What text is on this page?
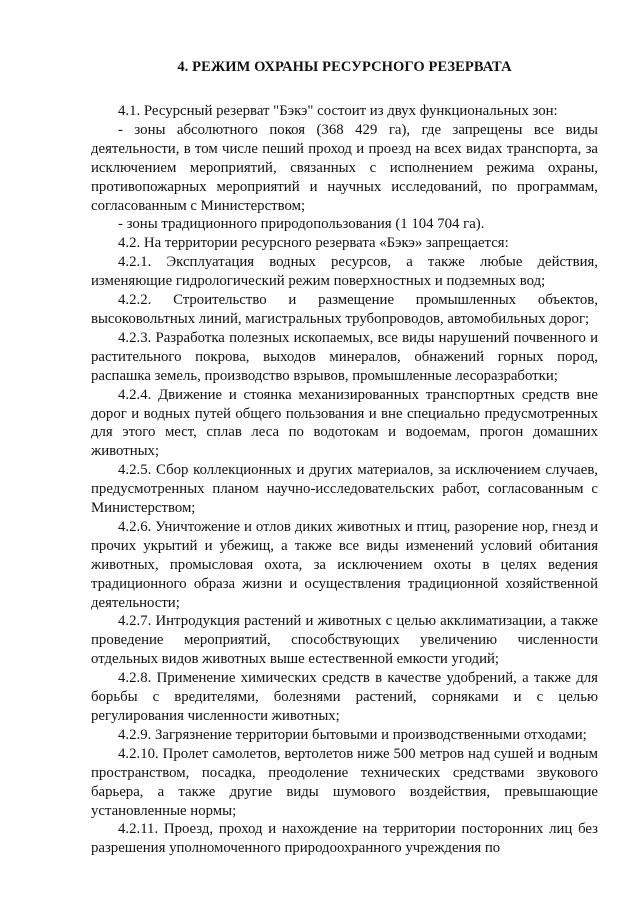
4. РЕЖИМ ОХРАНЫ РЕСУРСНОГО РЕЗЕРВАТА

4.1. Ресурсный резерват "Бэкэ" состоит из двух функциональных зон:

- зоны абсолютного покоя (368 429 га), где запрещены все виды деятельности, в том числе пеший проход и проезд на всех видах транспорта, за исключением мероприятий, связанных с исполнением режима охраны, противопожарных мероприятий и научных исследований, по программам, согласованным с Министерством;

- зоны традиционного природопользования (1 104 704 га).

4.2. На территории ресурсного резервата «Бэкэ» запрещается:

4.2.1. Эксплуатация водных ресурсов, а также любые действия, изменяющие гидрологический режим поверхностных и подземных вод;

4.2.2. Строительство и размещение промышленных объектов, высоковольтных линий, магистральных трубопроводов, автомобильных дорог;

4.2.3. Разработка полезных ископаемых, все виды нарушений почвенного и растительного покрова, выходов минералов, обнажений горных пород, распашка земель, производство взрывов, промышленные лесоразработки;

4.2.4. Движение и стоянка механизированных транспортных средств вне дорог и водных путей общего пользования и вне специально предусмотренных для этого мест, сплав леса по водотокам и водоемам, прогон домашних животных;

4.2.5. Сбор коллекционных и других материалов, за исключением случаев, предусмотренных планом научно-исследовательских работ, согласованным с Министерством;

4.2.6. Уничтожение и отлов диких животных и птиц, разорение нор, гнезд и прочих укрытий и убежищ, а также все виды изменений условий обитания животных, промысловая охота, за исключением охоты в целях ведения традиционного образа жизни и осуществления традиционной хозяйственной деятельности;

4.2.7. Интродукция растений и животных с целью акклиматизации, а также проведение мероприятий, способствующих увеличению численности отдельных видов животных выше естественной емкости угодий;

4.2.8. Применение химических средств в качестве удобрений, а также для борьбы с вредителями, болезнями растений, сорняками и с целью регулирования численности животных;

4.2.9. Загрязнение территории бытовыми и производственными отходами;

4.2.10. Пролет самолетов, вертолетов ниже 500 метров над сушей и водным пространством, посадка, преодоление технических средствами звукового барьера, а также другие виды шумового воздействия, превышающие установленные нормы;

4.2.11. Проезд, проход и нахождение на территории посторонних лиц без разрешения уполномоченного природоохранного учреждения по
